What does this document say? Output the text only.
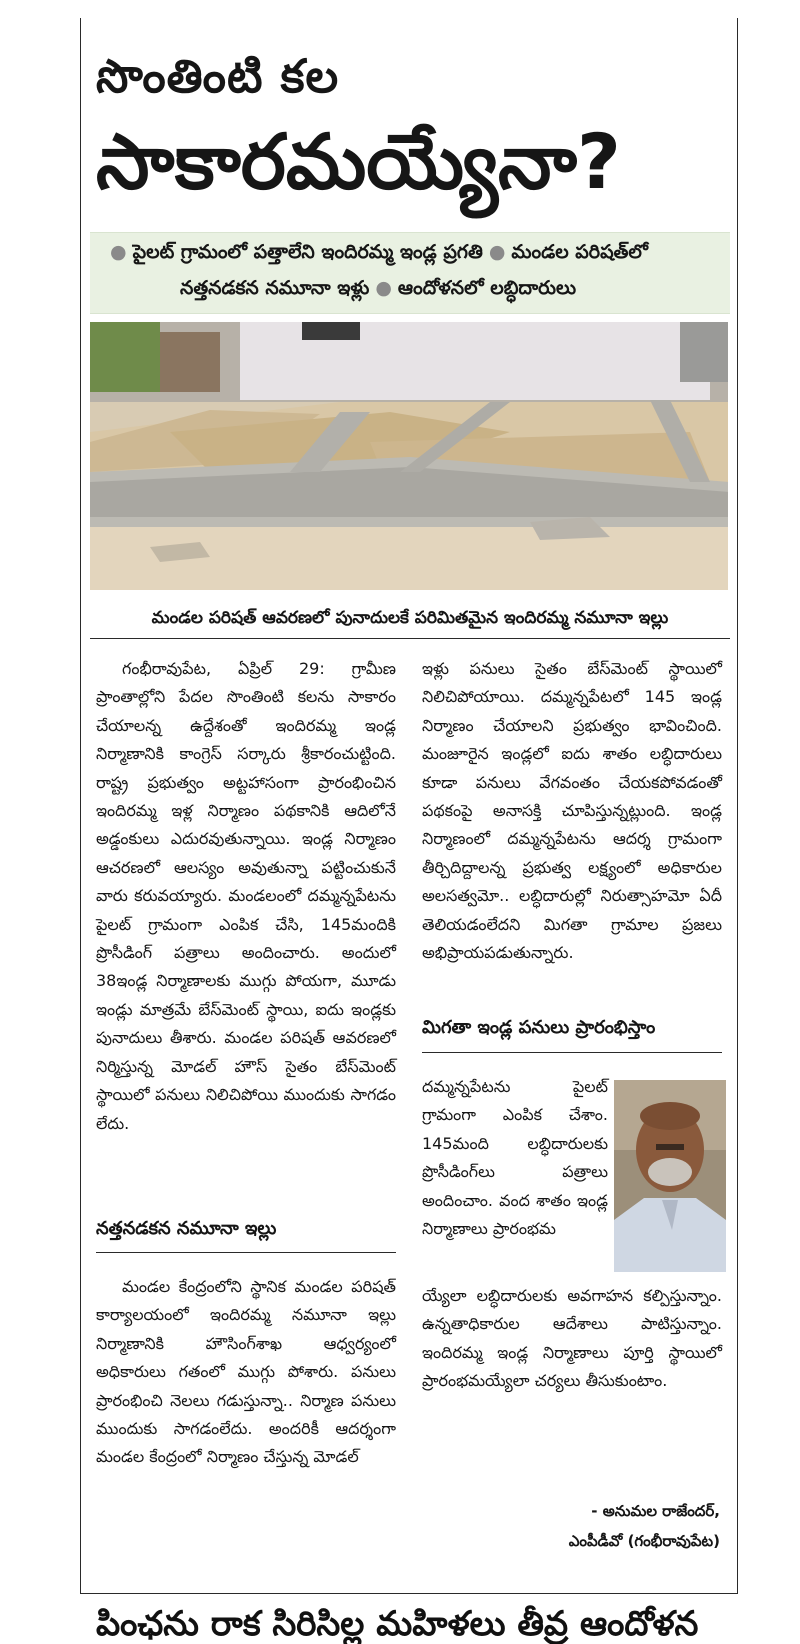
సొంతింటి కల
సాకారమయ్యేనా?
● పైలట్ గ్రామంలో పత్తాలేని ఇందిరమ్మ ఇండ్ల ప్రగతి ● మండల పరిషత్‌లో
నత్తనడకన నమూనా ఇళ్లు ● ఆందోళనలో లబ్ధిదారులు
మండల పరిషత్ ఆవరణలో పునాదులకే పరిమితమైన ఇందిరమ్మ నమూనా ఇల్లు

గంభీరావుపేట, ఏప్రిల్ 29: గ్రామీణ ప్రాంతాల్లోని పేదల సొంతింటి కలను సాకారం చేయాలన్న ఉద్దేశంతో ఇందిరమ్మ ఇండ్ల నిర్మాణానికి కాంగ్రెస్ సర్కారు శ్రీకారంచుట్టింది. రాష్ట్ర ప్రభుత్వం అట్టహాసంగా ప్రారంభించిన ఇందిరమ్మ ఇళ్ల నిర్మాణం పథకానికి ఆదిలోనే అడ్డంకులు ఎదురవుతున్నాయి. ఇండ్ల నిర్మాణం ఆచరణలో ఆలస్యం అవుతున్నా పట్టించుకునే వారు కరువయ్యారు. మండలంలో దమ్మన్నపేటను పైలట్ గ్రామంగా ఎంపిక చేసి, 145మందికి ప్రొసీడింగ్ పత్రాలు అందించారు. అందులో 38ఇండ్ల నిర్మాణాలకు ముగ్గు పోయగా, మూడు ఇండ్లు మాత్రమే బేస్‌మెంట్ స్థాయి, ఐదు ఇండ్లకు పునాదులు తీశారు. మండల పరిషత్ ఆవరణలో నిర్మిస్తున్న మోడల్ హౌస్ సైతం బేస్‌మెంట్ స్థాయిలో పనులు నిలిచిపోయి ముందుకు సాగడం లేదు.

నత్తనడకన నమూనా ఇల్లు

మండల కేంద్రంలోని స్థానిక మండల పరిషత్ కార్యాలయంలో ఇందిరమ్మ నమూనా ఇల్లు నిర్మాణానికి హౌసింగ్‌శాఖ ఆధ్వర్యంలో అధికారులు గతంలో ముగ్గు పోశారు. పనులు ప్రారంభించి నెలలు గడుస్తున్నా.. నిర్మాణ పనులు ముందుకు సాగడంలేదు. అందరికీ ఆదర్శంగా మండల కేంద్రంలో నిర్మాణం చేస్తున్న మోడల్

ఇళ్లు పనులు సైతం బేస్‌మెంట్ స్థాయిలో నిలిచిపోయాయి. దమ్మన్నపేటలో 145 ఇండ్ల నిర్మాణం చేయాలని ప్రభుత్వం భావించింది. మంజూరైన ఇండ్లలో ఐదు శాతం లబ్ధిదారులు కూడా పనులు వేగవంతం చేయకపోవడంతో పథకంపై అనాసక్తి చూపిస్తున్నట్లుంది. ఇండ్ల నిర్మాణంలో దమ్మన్నపేటను ఆదర్శ గ్రామంగా తీర్చిదిద్దాలన్న ప్రభుత్వ లక్ష్యంలో అధికారుల అలసత్వమో.. లబ్ధిదారుల్లో నిరుత్సాహమో ఏదీ తెలియడంలేదని మిగతా గ్రామాల ప్రజలు అభిప్రాయపడుతున్నారు.

మిగతా ఇండ్ల పనులు ప్రారంభిస్తాం

దమ్మన్నపేటను పైలట్ గ్రామంగా ఎంపిక చేశాం. 145మంది లబ్ధిదారులకు ప్రొసీడింగ్‌లు పత్రాలు అందించాం. వంద శాతం ఇండ్ల నిర్మాణాలు ప్రారంభమ

య్యేలా లబ్ధిదారులకు అవగాహన కల్పిస్తున్నాం. ఉన్నతాధికారుల ఆదేశాలు పాటిస్తున్నాం. ఇందిరమ్మ ఇండ్ల నిర్మాణాలు పూర్తి స్థాయిలో ప్రారంభమయ్యేలా చర్యలు తీసుకుంటాం.

- అనుమల రాజేందర్,
ఎంపీడీవో (గంభీరావుపేట)
పింఛను రాక సిరిసిల్ల మహిళలు తీవ్ర ఆందోళన
